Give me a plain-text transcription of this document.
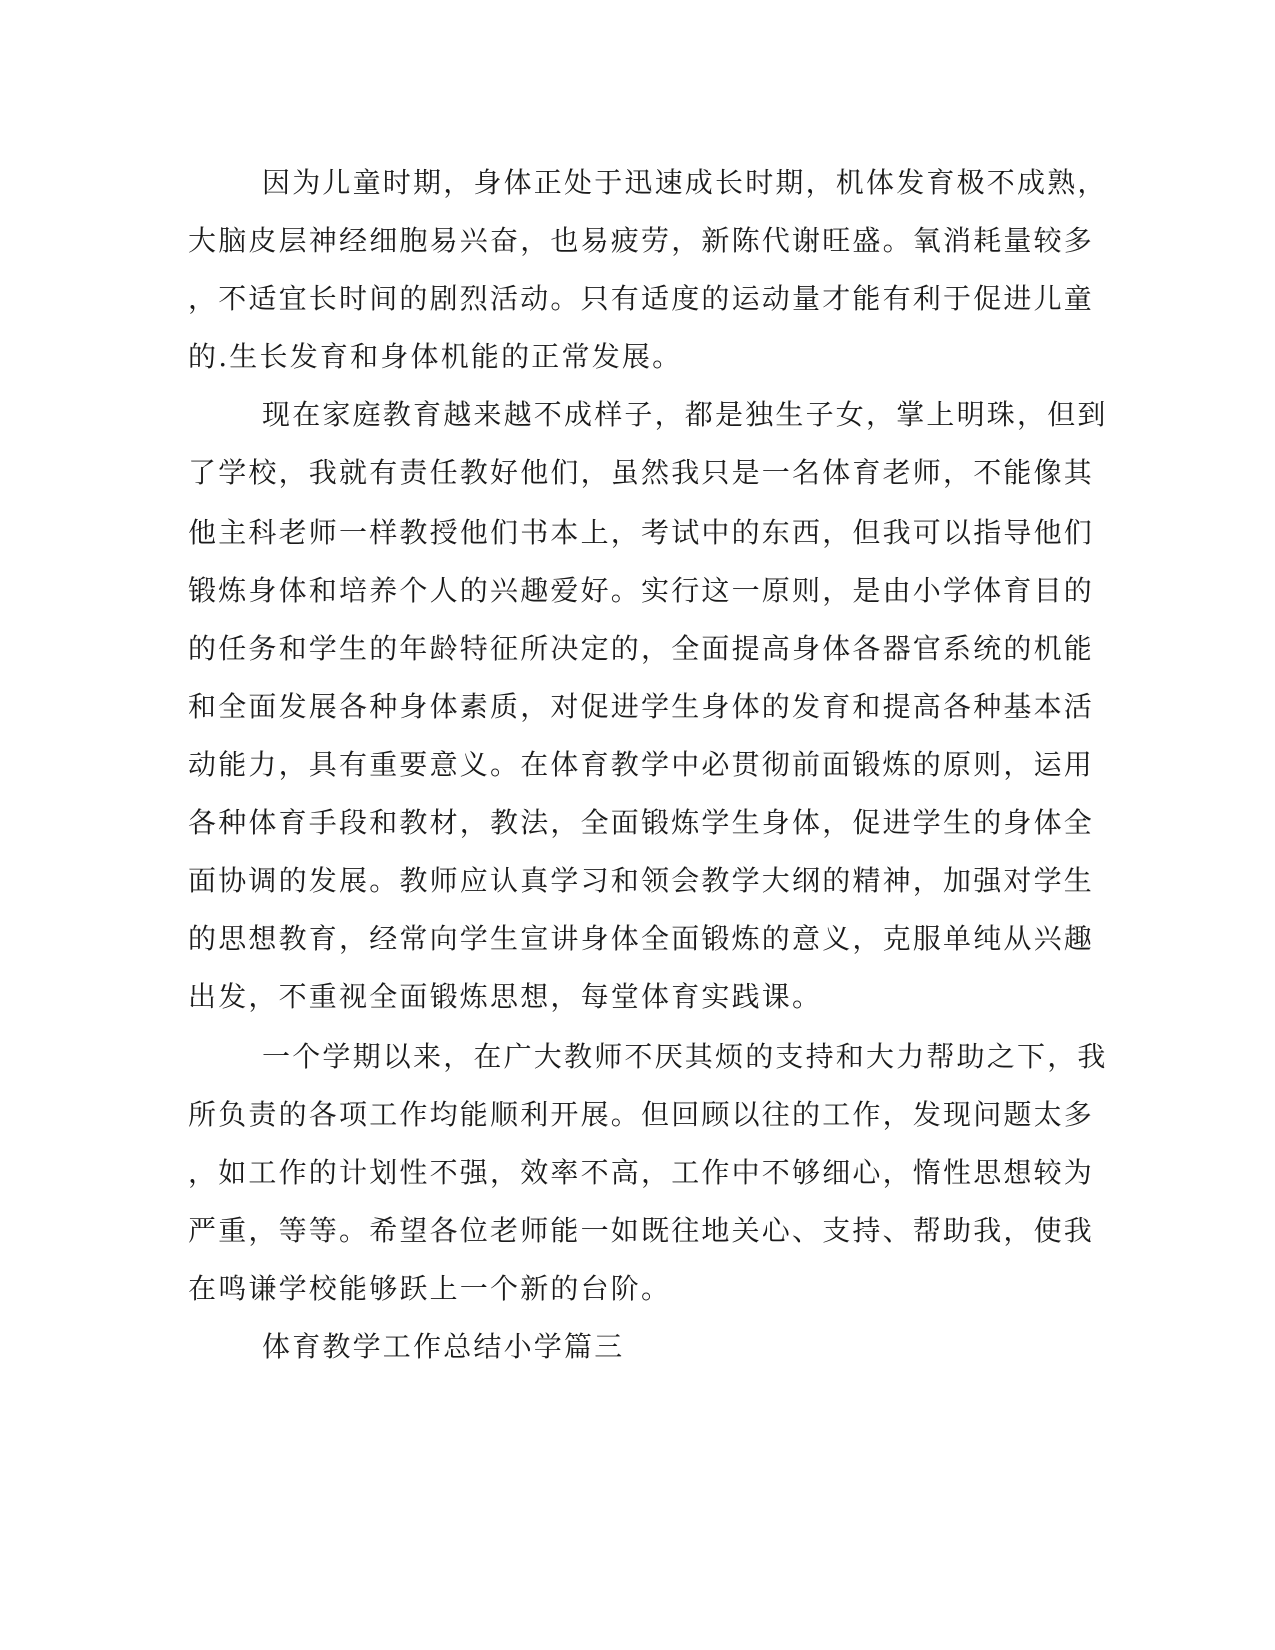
因为儿童时期，身体正处于迅速成长时期，机体发育极不成熟，
大脑皮层神经细胞易兴奋，也易疲劳，新陈代谢旺盛。氧消耗量较多
，不适宜长时间的剧烈活动。只有适度的运动量才能有利于促进儿童
的.生长发育和身体机能的正常发展。
现在家庭教育越来越不成样子，都是独生子女，掌上明珠，但到
了学校，我就有责任教好他们，虽然我只是一名体育老师，不能像其
他主科老师一样教授他们书本上，考试中的东西，但我可以指导他们
锻炼身体和培养个人的兴趣爱好。实行这一原则，是由小学体育目的
的任务和学生的年龄特征所决定的，全面提高身体各器官系统的机能
和全面发展各种身体素质，对促进学生身体的发育和提高各种基本活
动能力，具有重要意义。在体育教学中必贯彻前面锻炼的原则，运用
各种体育手段和教材，教法，全面锻炼学生身体，促进学生的身体全
面协调的发展。教师应认真学习和领会教学大纲的精神，加强对学生
的思想教育，经常向学生宣讲身体全面锻炼的意义，克服单纯从兴趣
出发，不重视全面锻炼思想，每堂体育实践课。
一个学期以来，在广大教师不厌其烦的支持和大力帮助之下，我
所负责的各项工作均能顺利开展。但回顾以往的工作，发现问题太多
，如工作的计划性不强，效率不高，工作中不够细心，惰性思想较为
严重，等等。希望各位老师能一如既往地关心、支持、帮助我，使我
在鸣谦学校能够跃上一个新的台阶。
体育教学工作总结小学篇三
